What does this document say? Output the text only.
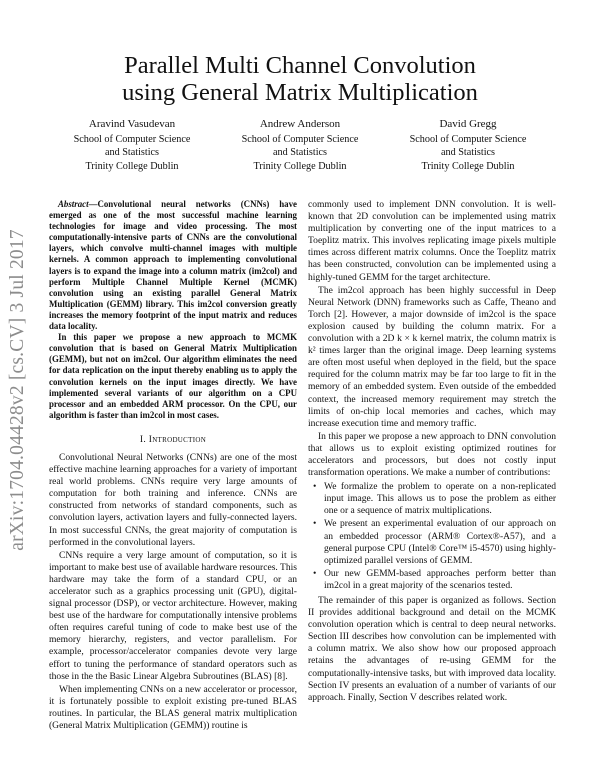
arXiv:1704.04428v2 [cs.CV] 3 Jul 2017
Parallel Multi Channel Convolution
using General Matrix Multiplication
Aravind Vasudevan
School of Computer Science
and Statistics
Trinity College Dublin
Andrew Anderson
School of Computer Science
and Statistics
Trinity College Dublin
David Gregg
School of Computer Science
and Statistics
Trinity College Dublin

Abstract—Convolutional neural networks (CNNs) have emerged as one of the most successful machine learning technologies for image and video processing. The most computationally-intensive parts of CNNs are the convolutional layers, which convolve multi-channel images with multiple kernels. A common approach to implementing convolutional layers is to expand the image into a column matrix (im2col) and perform Multiple Channel Multiple Kernel (MCMK) convolution using an existing parallel General Matrix Multiplication (GEMM) library. This im2col conversion greatly increases the memory footprint of the input matrix and reduces data locality.

In this paper we propose a new approach to MCMK convolution that is based on General Matrix Multiplication (GEMM), but not on im2col. Our algorithm eliminates the need for data replication on the input thereby enabling us to apply the convolution kernels on the input images directly. We have implemented several variants of our algorithm on a CPU processor and an embedded ARM processor. On the CPU, our algorithm is faster than im2col in most cases.

I. Introduction

Convolutional Neural Networks (CNNs) are one of the most effective machine learning approaches for a variety of important real world problems. CNNs require very large amounts of computation for both training and inference. CNNs are constructed from networks of standard components, such as convolution layers, activation layers and fully-connected layers. In most successful CNNs, the great majority of computation is performed in the convolutional layers.

CNNs require a very large amount of computation, so it is important to make best use of available hardware resources. This hardware may take the form of a standard CPU, or an accelerator such as a graphics processing unit (GPU), digital-signal processor (DSP), or vector architecture. However, making best use of the hardware for computationally intensive problems often requires careful tuning of code to make best use of the memory hierarchy, registers, and vector parallelism. For example, processor/accelerator companies devote very large effort to tuning the performance of standard operators such as those in the the Basic Linear Algebra Subroutines (BLAS) [8].

When implementing CNNs on a new accelerator or processor, it is fortunately possible to exploit existing pre-tuned BLAS routines. In particular, the BLAS general matrix multiplication (General Matrix Multiplication (GEMM)) routine is

commonly used to implement DNN convolution. It is well-known that 2D convolution can be implemented using matrix multiplication by converting one of the input matrices to a Toeplitz matrix. This involves replicating image pixels multiple times across different matrix columns. Once the Toeplitz matrix has been constructed, convolution can be implemented using a highly-tuned GEMM for the target architecture.

The im2col approach has been highly successful in Deep Neural Network (DNN) frameworks such as Caffe, Theano and Torch [2]. However, a major downside of im2col is the space explosion caused by building the column matrix. For a convolution with a 2D k × k kernel matrix, the column matrix is k² times larger than the original image. Deep learning systems are often most useful when deployed in the field, but the space required for the column matrix may be far too large to fit in the memory of an embedded system. Even outside of the embedded context, the increased memory requirement may stretch the limits of on-chip local memories and caches, which may increase execution time and memory traffic.

In this paper we propose a new approach to DNN convolution that allows us to exploit existing optimized routines for accelerators and processors, but does not costly input transformation operations. We make a number of contributions:

• We formalize the problem to operate on a non-replicated input image. This allows us to pose the problem as either one or a sequence of matrix multiplications.
• We present an experimental evaluation of our approach on an embedded processor (ARM® Cortex®-A57), and a general purpose CPU (Intel® Core™ i5-4570) using highly-optimized parallel versions of GEMM.
• Our new GEMM-based approaches perform better than im2col in a great majority of the scenarios tested.

The remainder of this paper is organized as follows. Section II provides additional background and detail on the MCMK convolution operation which is central to deep neural networks. Section III describes how convolution can be implemented with a column matrix. We also show how our proposed approach retains the advantages of re-using GEMM for the computationally-intensive tasks, but with improved data locality. Section IV presents an evaluation of a number of variants of our approach. Finally, Section V describes related work.
